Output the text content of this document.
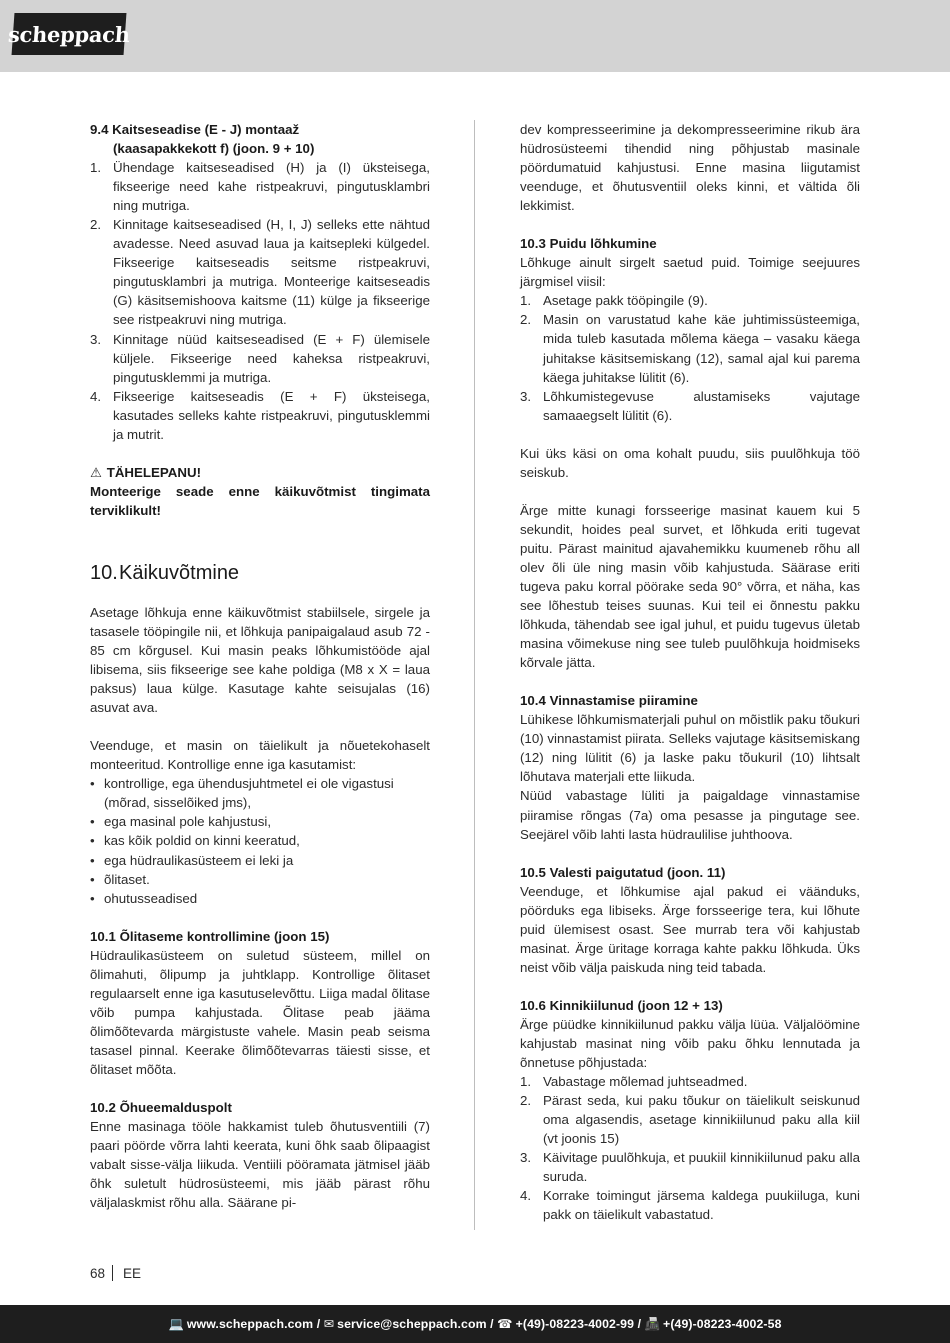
scheppach
9.4 Kaitseseadise (E - J) montaaž
(kaasapakkekott f) (joon. 9 + 10)
1. Ühendage kaitseseadised (H) ja (I) üksteisega, fikseerige need kahe ristpeakruvi, pingutusklambri ning mutriga.
2. Kinnitage kaitseseadised (H, I, J) selleks ette nähtud avadesse. Need asuvad laua ja kaitsepleki külgedel. Fikseerige kaitseseadis seitsme ristpeakruvi, pingutusklambri ja mutriga. Monteerige kaitseseadis (G) käsitsemishoova kaitsme (11) külge ja fikseerige see ristpeakruvi ning mutriga.
3. Kinnitage nüüd kaitseseadised (E + F) ülemisele küljele. Fikseerige need kaheksa ristpeakruvi, pingutusklemmi ja mutriga.
4. Fikseerige kaitseseadis (E + F) üksteisega, kasutades selleks kahte ristpeakruvi, pingutusklemmi ja mutrit.
⚠ TÄHELEPANU!
Monteerige seade enne käikuvõtmist tingimata terviklikult!
10.Käikuvõtmine
Asetage lõhkuja enne käikuvõtmist stabiilsele, sirgele ja tasasele tööpingile nii, et lõhkuja panipaigalaud asub 72 - 85 cm kõrgusel. Kui masin peaks lõhkumistööde ajal libisema, siis fikseerige see kahe poldiga (M8 x X = laua paksus) laua külge. Kasutage kahte seisujalas (16) asuvat ava.
Veenduge, et masin on täielikult ja nõuetekohaselt monteeritud. Kontrollige enne iga kasutamist:
• kontrollige, ega ühendusjuhtmetel ei ole vigastusi (mõrad, sisselõiked jms),
• ega masinal pole kahjustusi,
• kas kõik poldid on kinni keeratud,
• ega hüdraulikasüsteem ei leki ja
• õlitaset.
• ohutusseadised
10.1 Õlitaseme kontrollimine (joon 15)
Hüdraulikasüsteem on suletud süsteem, millel on õlimahuti, õlipump ja juhtklapp. Kontrollige õlitaset regulaarselt enne iga kasutuselevõttu. Liiga madal õlitase võib pumpa kahjustada. Õlitase peab jääma õlimõõtevarda märgistuste vahele. Masin peab seisma tasasel pinnal. Keerake õlimõõtevarras täiesti sisse, et õlitaset mõõta.
10.2 Õhueemalduspolt
Enne masinaga tööle hakkamist tuleb õhutusventiili (7) paari pöörde võrra lahti keerata, kuni õhk saab õlipaagist vabalt sisse-välja liikuda. Ventiili pööramata jätmisel jääb õhk suletult hüdrosüsteemi, mis jääb pärast rõhu väljalaskmist rõhu alla. Säärane pi-
dev kompresseerimine ja dekompresseerimine rikub ära hüdrosüsteemi tihendid ning põhjustab masinale pöördumatuid kahjustusi. Enne masina liigutamist veenduge, et õhutusventiil oleks kinni, et vältida õli lekkimist.
10.3 Puidu lõhkumine
Lõhkuge ainult sirgelt saetud puid. Toimige seejuures järgmisel viisil:
1. Asetage pakk tööpingile (9).
2. Masin on varustatud kahe käe juhtimissüsteemiga, mida tuleb kasutada mõlema käega – vasaku käega juhitakse käsitsemiskang (12), samal ajal kui parema käega juhitakse lülitit (6).
3. Lõhkumistegevuse alustamiseks vajutage samaaegselt lülitit (6).
Kui üks käsi on oma kohalt puudu, siis puulõhkuja töö seiskub.
Ärge mitte kunagi forsseerige masinat kauem kui 5 sekundit, hoides peal survet, et lõhkuda eriti tugevat puitu. Pärast mainitud ajavahemikku kuumeneb rõhu all olev õli üle ning masin võib kahjustuda. Säärase eriti tugeva paku korral pöörake seda 90° võrra, et näha, kas see lõhestub teises suunas. Kui teil ei õnnestu pakku lõhkuda, tähendab see igal juhul, et puidu tugevus ületab masina võimekuse ning see tuleb puulõhkuja hoidmiseks kõrvale jätta.
10.4 Vinnastamise piiramine
Lühikese lõhkumismaterjali puhul on mõistlik paku tõukuri (10) vinnastamist piirata. Selleks vajutage käsitsemiskang (12) ning lülitit (6) ja laske paku tõukuril (10) lihtsalt lõhutava materjali ette liikuda.
Nüüd vabastage lüliti ja paigaldage vinnastamise piiramise rõngas (7a) oma pesasse ja pingutage see. Seejärel võib lahti lasta hüdraulilise juhthoova.
10.5 Valesti paigutatud (joon. 11)
Veenduge, et lõhkumise ajal pakud ei väänduks, pöörduks ega libiseks. Ärge forsseerige tera, kui lõhute puid ülemisest osast. See murrab tera või kahjustab masinat. Ärge üritage korraga kahte pakku lõhkuda. Üks neist võib välja paiskuda ning teid tabada.
10.6 Kinnikiilunud (joon 12 + 13)
Ärge püüdke kinnikiilunud pakku välja lüüa. Väljalöömine kahjustab masinat ning võib paku õhku lennutada ja õnnetuse põhjustada:
1. Vabastage mõlemad juhtseadmed.
2. Pärast seda, kui paku tõukur on täielikult seiskunud oma algasendis, asetage kinnikiilunud paku alla kiil (vt joonis 15)
3. Käivitage puulõhkuja, et puukiil kinnikiilunud paku alla suruda.
4. Korrake toimingut järsema kaldega puukiiluga, kuni pakk on täielikult vabastatud.
68 EE
💻 www.scheppach.com /
✉ service@scheppach.com /
☎ +(49)-08223-4002-99 /
📠 +(49)-08223-4002-58
